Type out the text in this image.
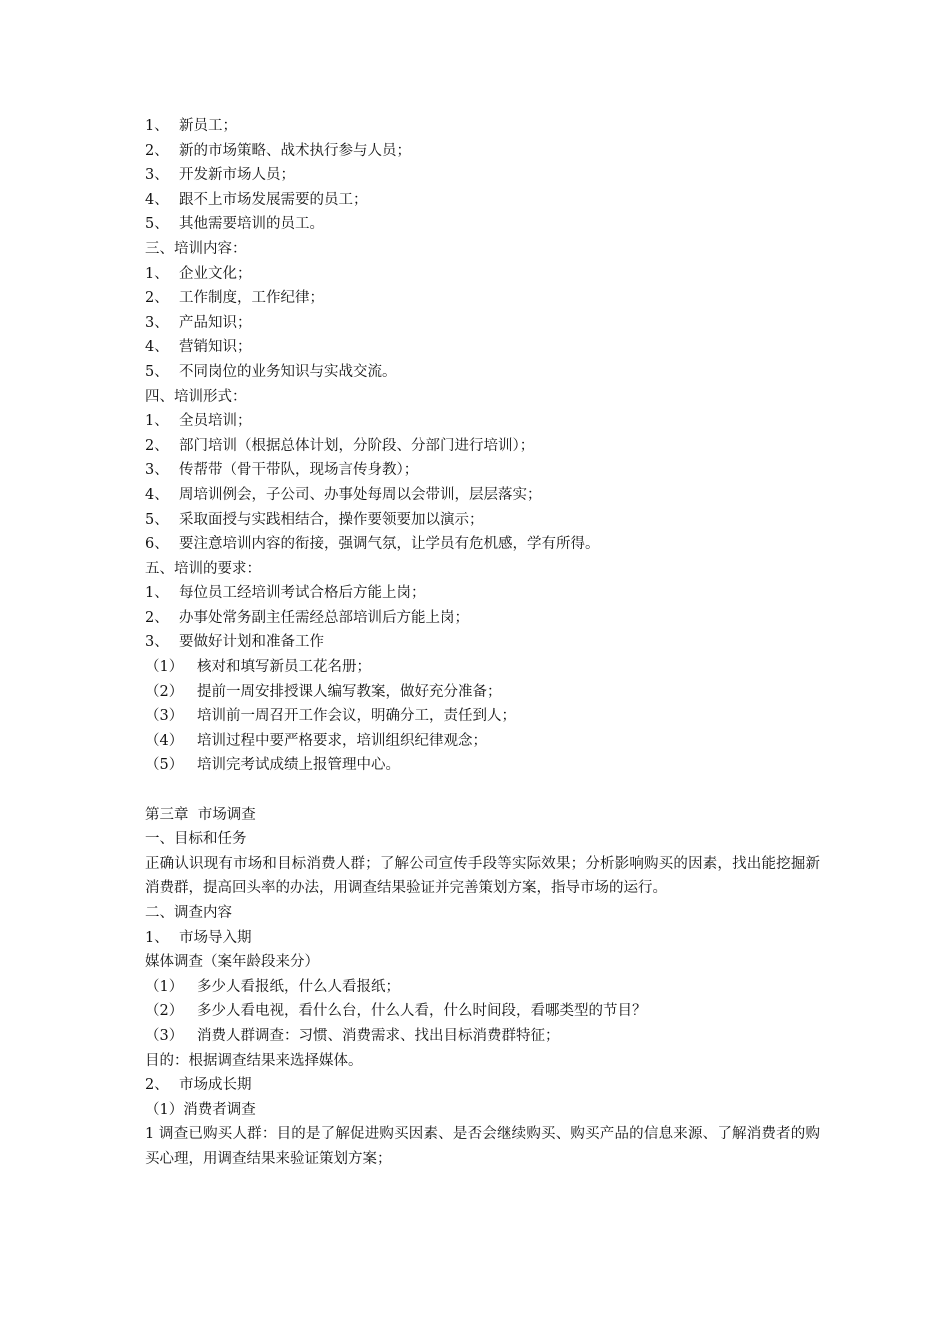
1、 新员工；
2、 新的市场策略、战术执行参与人员；
3、 开发新市场人员；
4、 跟不上市场发展需要的员工；
5、 其他需要培训的员工。
三、培训内容：
1、 企业文化；
2、 工作制度，工作纪律；
3、 产品知识；
4、 营销知识；
5、 不同岗位的业务知识与实战交流。
四、培训形式：
1、 全员培训；
2、 部门培训（根据总体计划，分阶段、分部门进行培训）；
3、 传帮带（骨干带队，现场言传身教）；
4、 周培训例会，子公司、办事处每周以会带训，层层落实；
5、 采取面授与实践相结合，操作要领要加以演示；
6、 要注意培训内容的衔接，强调气氛，让学员有危机感，学有所得。
五、培训的要求：
1、 每位员工经培训考试合格后方能上岗；
2、 办事处常务副主任需经总部培训后方能上岗；
3、 要做好计划和准备工作
（1） 核对和填写新员工花名册；
（2） 提前一周安排授课人编写教案，做好充分准备；
（3） 培训前一周召开工作会议，明确分工，责任到人；
（4） 培训过程中要严格要求，培训组织纪律观念；
（5） 培训完考试成绩上报管理中心。
第三章  市场调查
一、目标和任务
正确认识现有市场和目标消费人群；了解公司宣传手段等实际效果；分析影响购买的因素，找出能挖掘新消费群，提高回头率的办法，用调查结果验证并完善策划方案，指导市场的运行。
二、调查内容
1、 市场导入期
媒体调查（案年龄段来分）
（1） 多少人看报纸，什么人看报纸；
（2） 多少人看电视，看什么台，什么人看，什么时间段，看哪类型的节目？
（3） 消费人群调查：习惯、消费需求、找出目标消费群特征；
目的：根据调查结果来选择媒体。
2、 市场成长期
（1）消费者调查
1 调查已购买人群：目的是了解促进购买因素、是否会继续购买、购买产品的信息来源、了解消费者的购买心理，用调查结果来验证策划方案；
